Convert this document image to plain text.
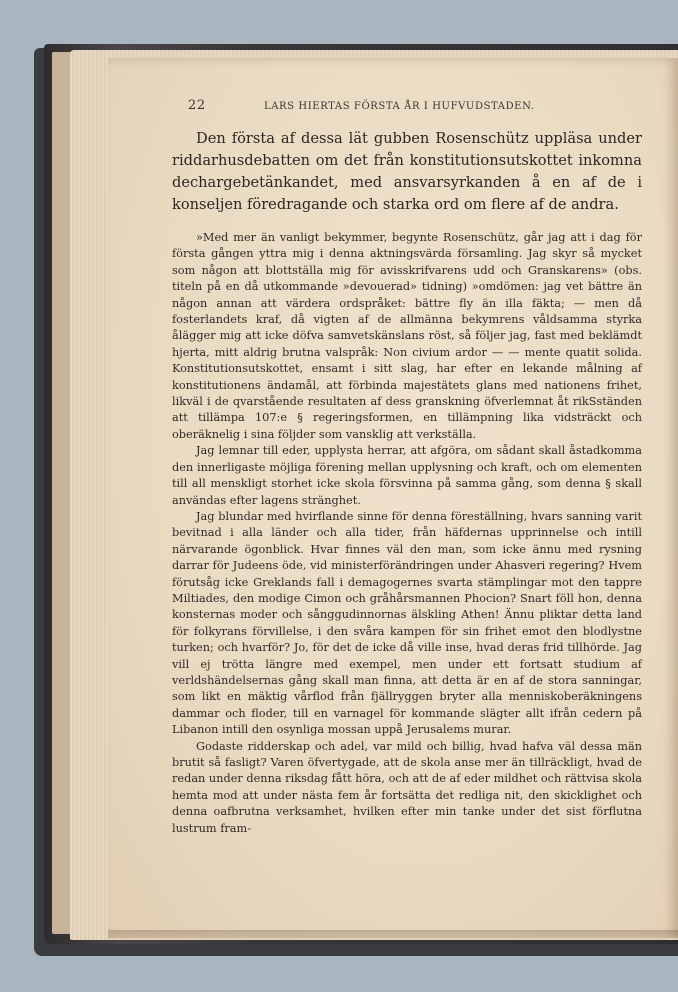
22	LARS HIERTAS FÖRSTA ÅR I HUFVUDSTADEN.
Den första af dessa lät gubben Rosenschütz uppläsa under riddarhusdebatten om det från konstitutionsutskottet inkomna dechargebetänkandet, med ansvarsyrkanden å en af de i konseljen föredragande och starka ord om flere af de andra.

»Med mer än vanligt bekymmer, begynte Rosenschütz, går jag att i dag för första gången yttra mig i denna aktningsvärda församling. Jag skyr så mycket som någon att blottställa mig för avisskrifvarens udd och Granskarens» (obs. titeln på en då utkommande »devouerad» tidning) »omdömen: jag vet bättre än någon annan att värdera ordspråket: bättre fly än illa fäkta; — men då fosterlandets kraf, då vigten af de allmänna bekymrens våldsamma styrka ålägger mig att icke döfva samvetskänslans röst, så följer jag, fast med beklämdt hjerta, mitt aldrig brutna valspråk: Non civium ardor — — mente quatit solida. Konstitutionsutskottet, ensamt i sitt slag, har efter en lekande målning af konstitutionens ändamål, att förbinda majestätets glans med nationens frihet, likväl i de qvarstående resultaten af dess granskning öfverlemnat åt rikSständen att tillämpa 107:e § regeringsformen, en tillämpning lika vidsträckt och oberäknelig i sina följder som vansklig att verkställa.

Jag lemnar till eder, upplysta herrar, att afgöra, om sådant skall åstadkomma den innerligaste möjliga förening mellan upplysning och kraft, och om elementen till all menskligt storhet icke skola försvinna på samma gång, som denna § skall användas efter lagens stränghet.

Jag blundar med hvirflande sinne för denna föreställning, hvars sanning varit bevitnad i alla länder och alla tider, från häfdernas upprinnelse och intill närvarande ögonblick. Hvar finnes väl den man, som icke ännu med rysning darrar för Judeens öde, vid ministerförändringen under Ahasveri regering? Hvem förutsåg icke Greklands fall i demagogernes svarta stämplingar mot den tappre Miltiades, den modige Cimon och gråhårsmannen Phocion? Snart föll hon, denna konsternas moder och sånggudinnornas älskling Athen! Ännu pliktar detta land för folkyrans förvillelse, i den svåra kampen för sin frihet emot den blodlystne turken; och hvarför? Jo, för det de icke då ville inse, hvad deras frid tillhörde. Jag vill ej trötta längre med exempel, men under ett fortsatt studium af verldshändelsernas gång skall man finna, att detta är en af de stora sanningar, som likt en mäktig vårflod från fjällryggen bryter alla menniskoberäkningens dammar och floder, till en varnagel för kommande slägter allt ifrån cedern på Libanon intill den osynliga mossan uppå Jerusalems murar.

Godaste ridderskap och adel, var mild och billig, hvad hafva väl dessa män brutit så fasligt? Varen öfvertygade, att de skola anse mer än tillräckligt, hvad de redan under denna riksdag fått höra, och att de af eder mildhet och rättvisa skola hemta mod att under nästa fem år fortsätta det redliga nit, den skicklighet och denna oafbrutna verksamhet, hvilken efter min tanke under det sist förflutna lustrum fram-
